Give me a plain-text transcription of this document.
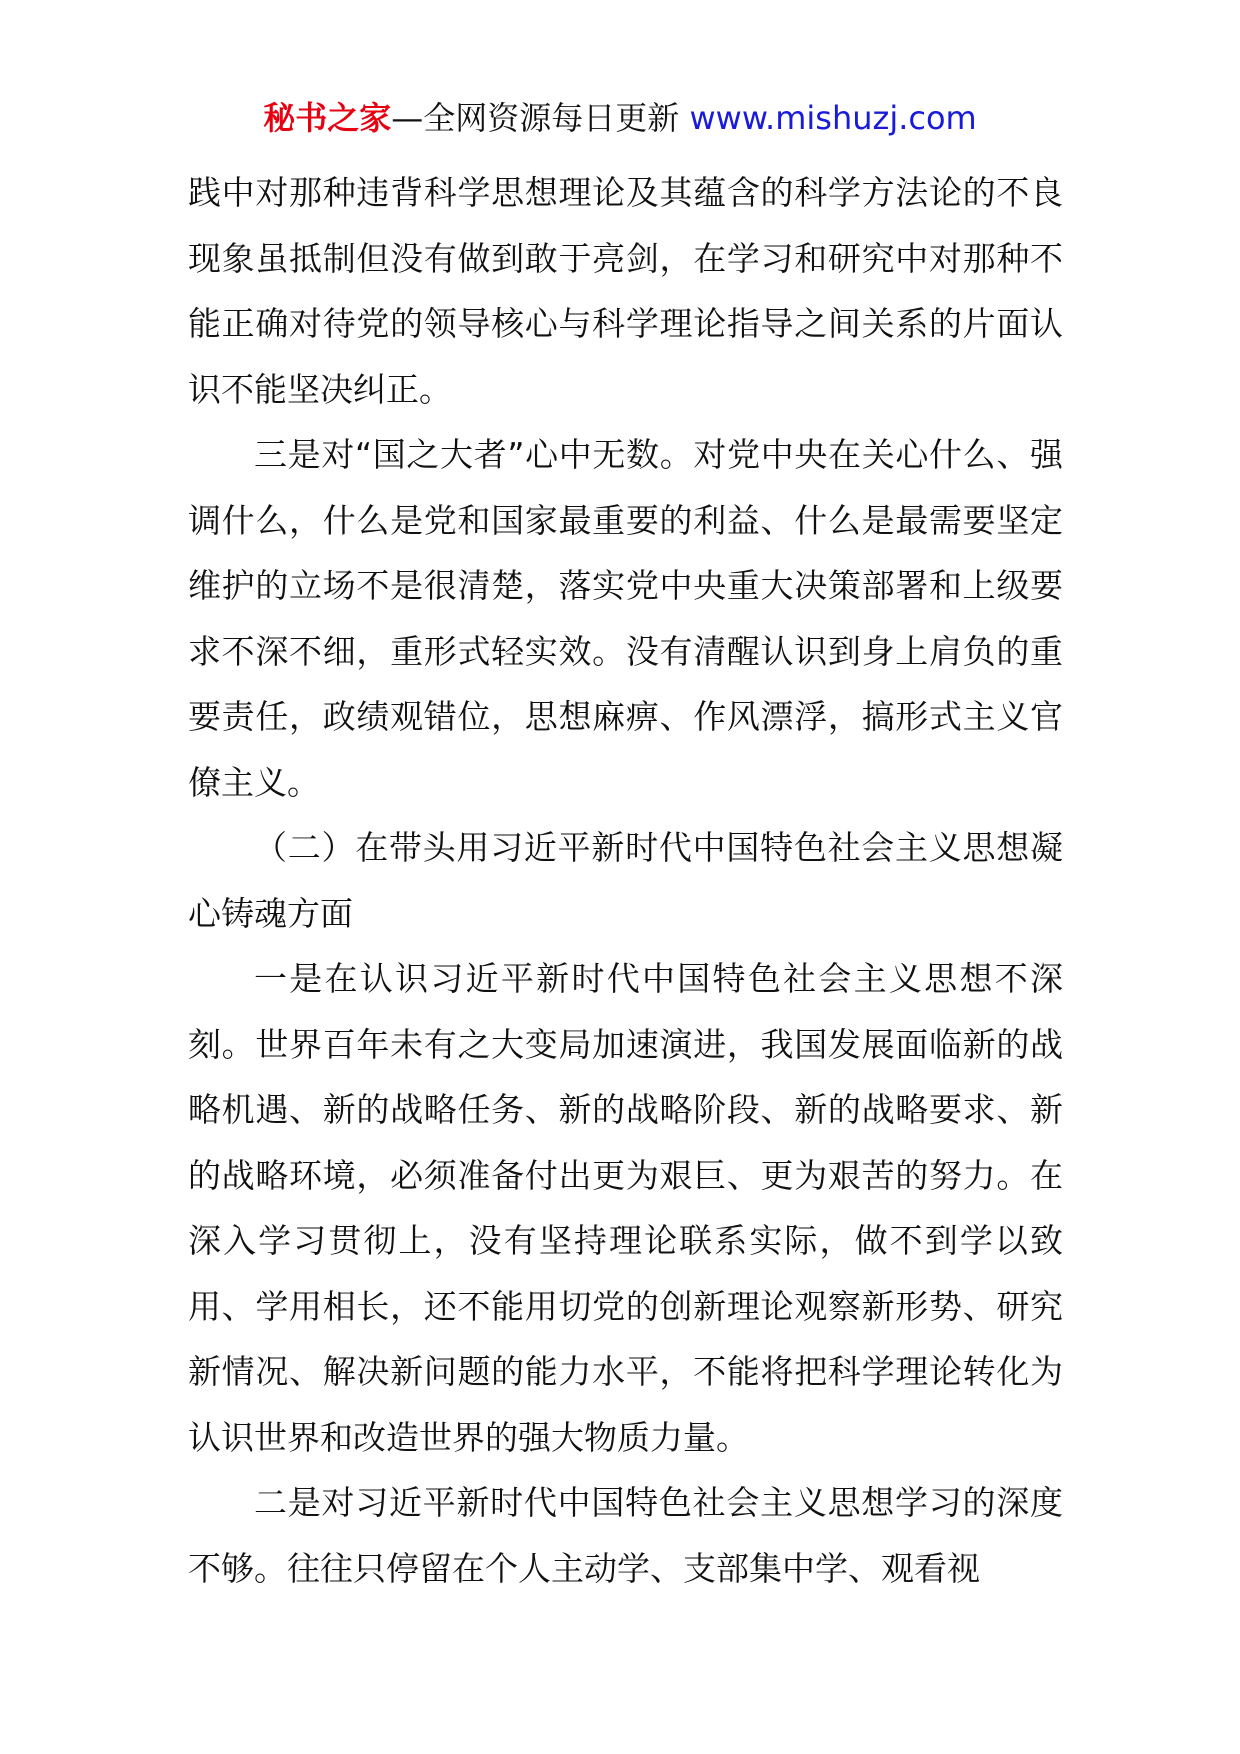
秘书之家—全网资源每日更新 www.mishuzj.com

践中对那种违背科学思想理论及其蕴含的科学方法论的不良现象虽抵制但没有做到敢于亮剑，在学习和研究中对那种不能正确对待党的领导核心与科学理论指导之间关系的片面认识不能坚决纠正。

三是对“国之大者”心中无数。对党中央在关心什么、强调什么，什么是党和国家最重要的利益、什么是最需要坚定维护的立场不是很清楚，落实党中央重大决策部署和上级要求不深不细，重形式轻实效。没有清醒认识到身上肩负的重要责任，政绩观错位，思想麻痹、作风漂浮，搞形式主义官僚主义。

（二）在带头用习近平新时代中国特色社会主义思想凝心铸魂方面

一是在认识习近平新时代中国特色社会主义思想不深刻。世界百年未有之大变局加速演进，我国发展面临新的战略机遇、新的战略任务、新的战略阶段、新的战略要求、新的战略环境，必须准备付出更为艰巨、更为艰苦的努力。在深入学习贯彻上，没有坚持理论联系实际，做不到学以致用、学用相长，还不能用切党的创新理论观察新形势、研究新情况、解决新问题的能力水平，不能将把科学理论转化为认识世界和改造世界的强大物质力量。

二是对习近平新时代中国特色社会主义思想学习的深度不够。往往只停留在个人主动学、支部集中学、观看视
